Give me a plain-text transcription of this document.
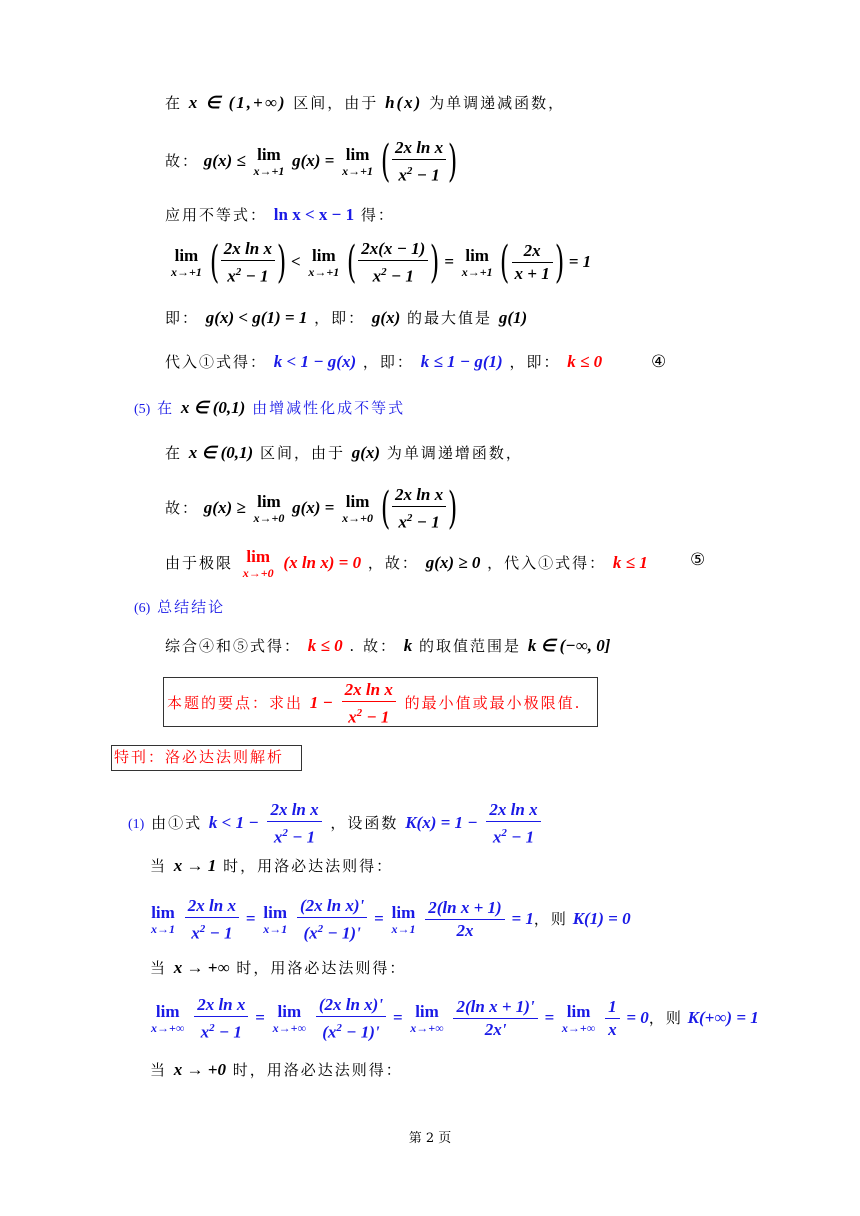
在 x ∈ (1,+∞) 区间，由于 h(x) 为单调递减函数，
故： g(x) ≤ lim
x→+1
g(x) = lim
x→+1 ( $\frac{\text{2x ln x}}{x^2 - 1}$ )
应用不等式： ln x < x − 1 得：
lim
x→+1 ( $\frac{\text{2x ln x}}{x^2 - 1}$ ) < lim
x→+1 ( $\frac{2x(x - 1)}{x^2 - 1}$ ) = lim
x→+1 ( $\frac{2x}{x + 1}$ ) = 1
即： g(x) < g(1) = 1 ，即： g(x) 的最大值是 g(1)
代入①式得： k < 1 − g(x) ，即： k ≤ 1 − g(1) ，即： k ≤ 0	④
(5) 在 x ∈ (0,1) 由增减性化成不等式
在 x ∈ (0,1) 区间，由于 g(x) 为单调递增函数，
故： g(x) ≥ lim
x→+0
g(x) = lim
x→+0 ( $\frac{\text{2x ln x}}{x^2 - 1}$ )
由于极限 lim
x→+0
(x ln x) = 0 ，故： g(x) ≥ 0 ，代入①式得： k ≤ 1 ⑤
(6) 总结结论
综合④和⑤式得： k ≤ 0 . 故： k 的取值范围是 k ∈ (−∞, 0]
本题的要点：求出 $1 - \frac{\text{2x ln x}}{x^2 - 1}$ 的最小值或最小极限值.
特刊：洛必达法则解析
(1) 由①式 $k < 1 - \frac{\text{2x ln x}}{x^2 - 1}$ ，设函数 $K(x) = 1 - \frac{\text{2x ln x}}{x^2 - 1}$
当 x → 1 时，用洛必达法则得：
lim
x→1
$\frac{\text{2x ln x}}{x^2 - 1} = \lim$
x→1
$\frac{\text{(2x ln x)'}}{(x^2 - 1)'} = \lim$
x→1
$\frac{\text{2(ln x + 1)}}{2x} = 1$，则 K(1) = 0
当 x → +∞ 时，用洛必达法则得：
lim
x→+∞
$\frac{\text{2x ln x}}{x^2 - 1} = \lim$
x→+∞
$\frac{\text{(2x ln x)'}}{(x^2 - 1)'} = \lim$
x→+∞
$\frac{\text{2(ln x + 1)'}}{2x'} = \lim$
x→+∞
$\frac{1}{x} = 0$，则 K(+∞) = 1
当 x → +0 时，用洛必达法则得：
第 2 页
